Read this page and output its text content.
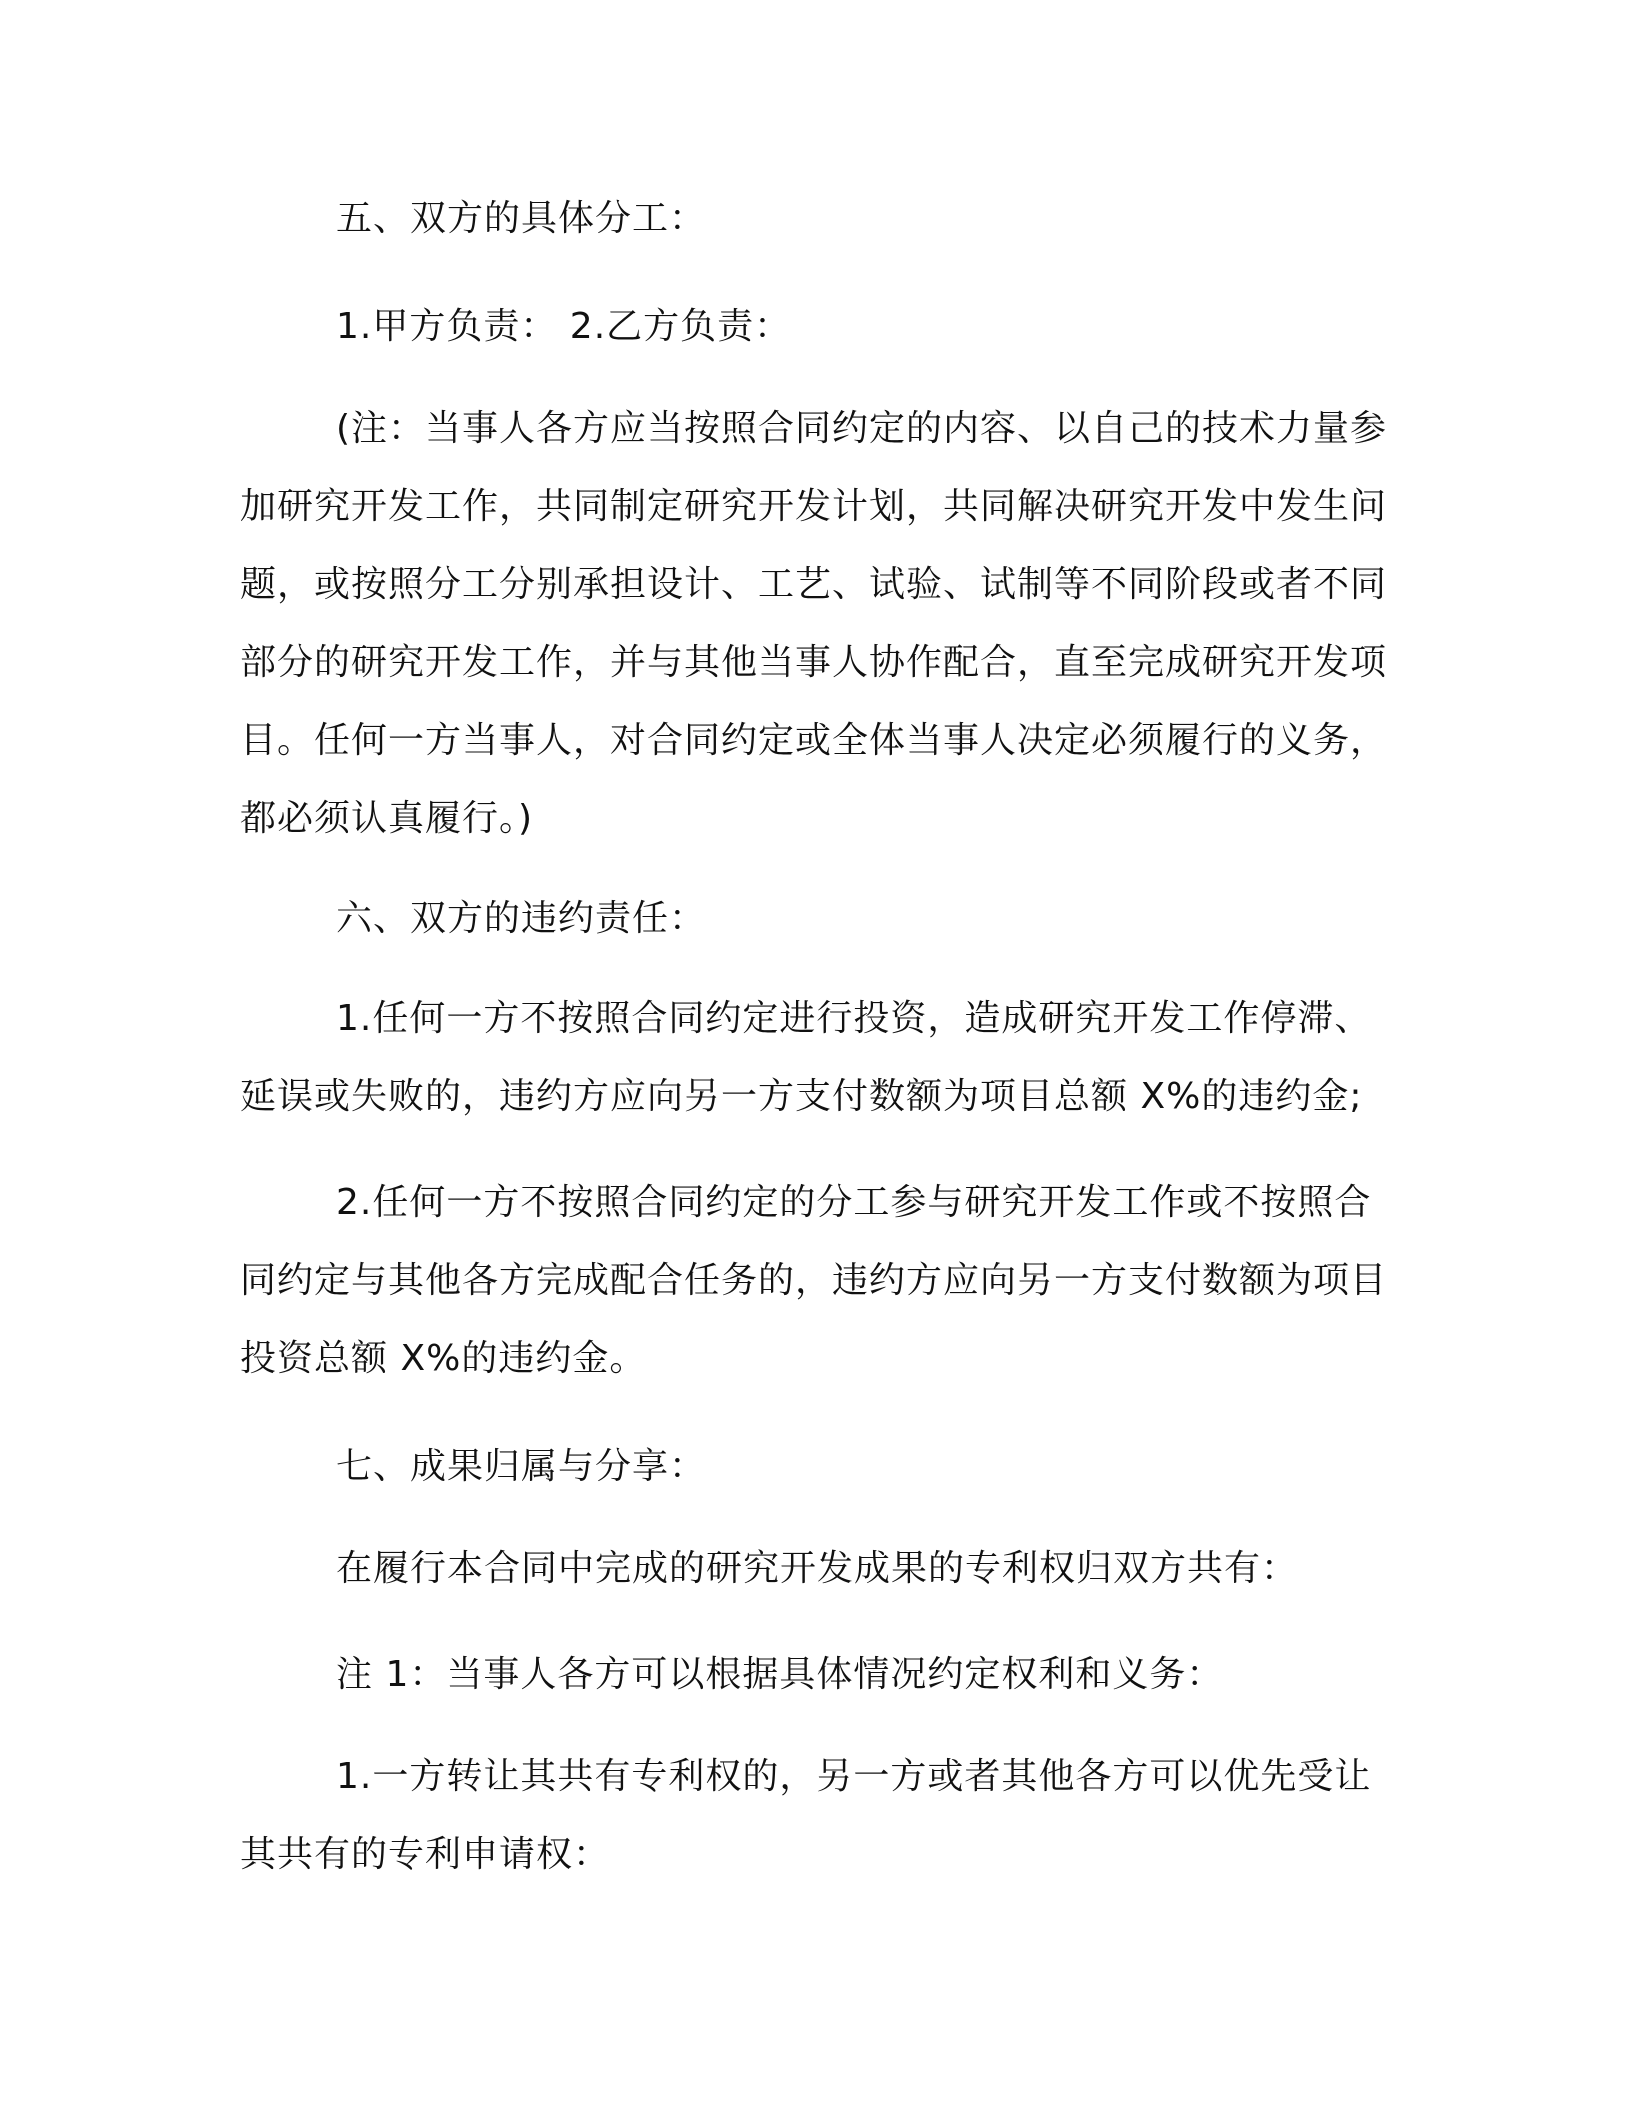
五、双方的具体分工：

1.甲方负责： 2.乙方负责：

(注：当事人各方应当按照合同约定的内容、以自己的技术力量参加研究开发工作，共同制定研究开发计划，共同解决研究开发中发生问题，或按照分工分别承担设计、工艺、试验、试制等不同阶段或者不同部分的研究开发工作，并与其他当事人协作配合，直至完成研究开发项目。任何一方当事人，对合同约定或全体当事人决定必须履行的义务，都必须认真履行。)

六、双方的违约责任：

1.任何一方不按照合同约定进行投资，造成研究开发工作停滞、延误或失败的，违约方应向另一方支付数额为项目总额 X%的违约金;

2.任何一方不按照合同约定的分工参与研究开发工作或不按照合同约定与其他各方完成配合任务的，违约方应向另一方支付数额为项目投资总额 X%的违约金。

七、成果归属与分享：

在履行本合同中完成的研究开发成果的专利权归双方共有：

注 1：当事人各方可以根据具体情况约定权利和义务：

1.一方转让其共有专利权的，另一方或者其他各方可以优先受让其共有的专利申请权：
